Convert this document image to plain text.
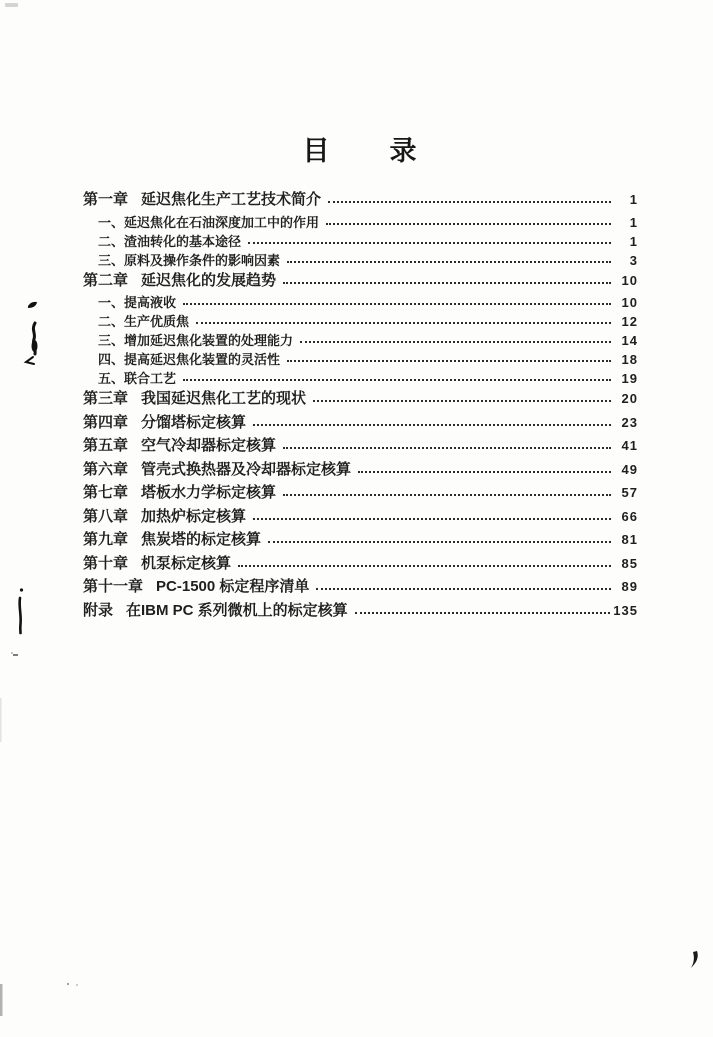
目　　录
第一章 延迟焦化生产工艺技术简介	1
一、 延迟焦化在石油深度加工中的作用	1
二、 渣油转化的基本途径	1
三、 原料及操作条件的影响因素	3
第二章 延迟焦化的发展趋势	10
一、 提高液收	10
二、 生产优质焦	12
三、 增加延迟焦化装置的处理能力	14
四、 提高延迟焦化装置的灵活性	18
五、 联合工艺	19
第三章 我国延迟焦化工艺的现状	20
第四章 分馏塔标定核算	23
第五章 空气冷却器标定核算	41
第六章 管壳式换热器及冷却器标定核算	49
第七章 塔板水力学标定核算	57
第八章 加热炉标定核算	66
第九章 焦炭塔的标定核算	81
第十章 机泵标定核算	85
第十一章 PC-1500 标定程序清单	89
附录 在IBM PC 系列微机上的标定核算	135
